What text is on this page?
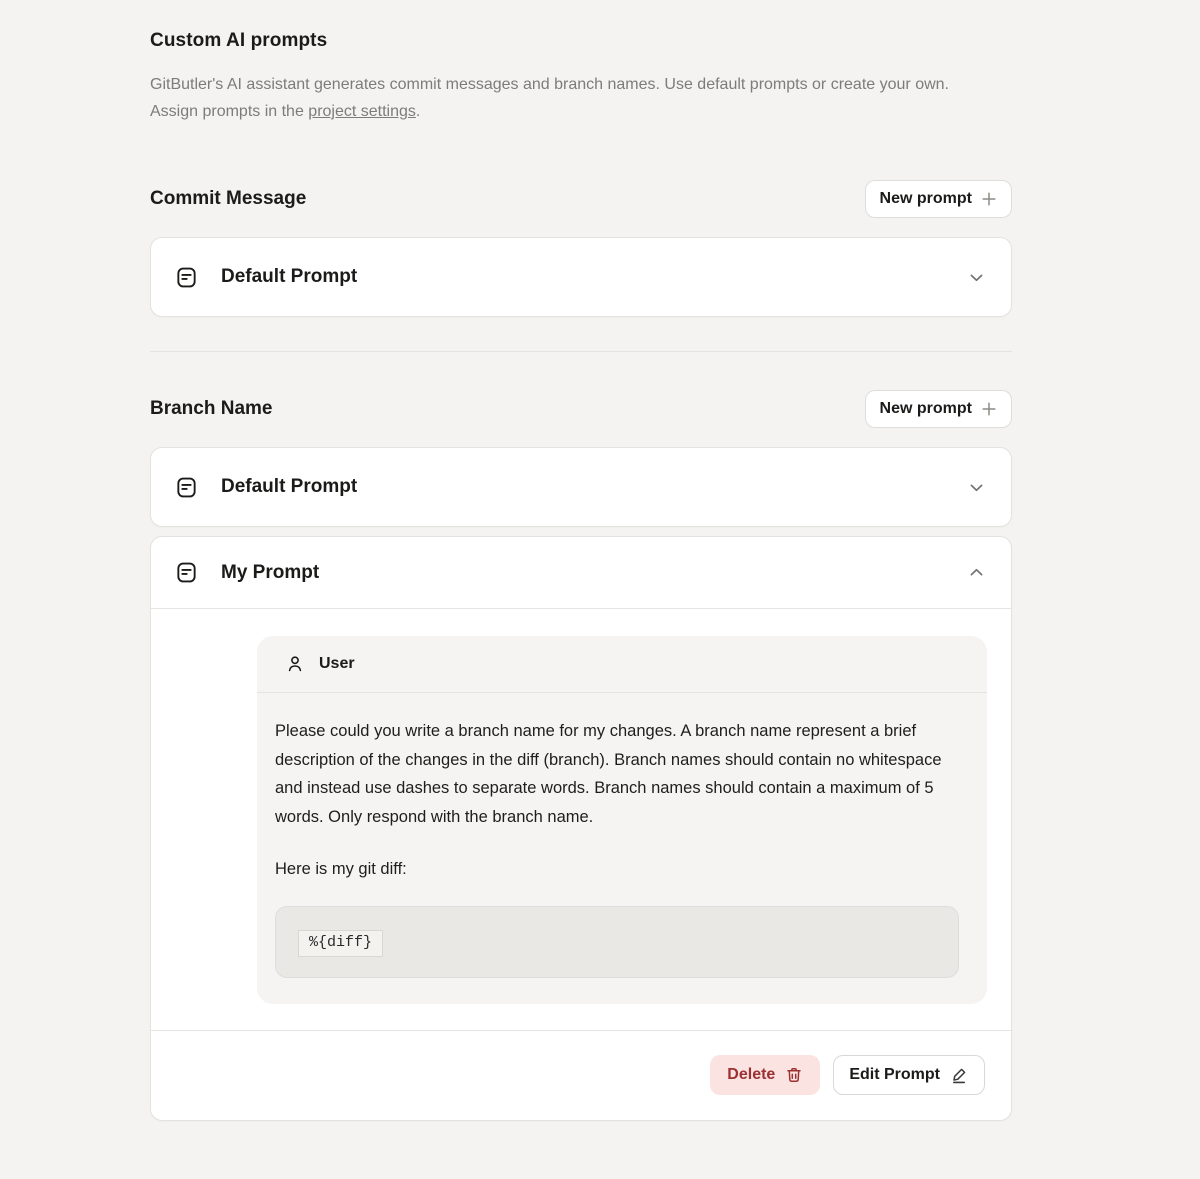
Custom AI prompts

GitButler's AI assistant generates commit messages and branch names. Use default prompts or create your own. Assign prompts in the project settings.

Commit Message	New prompt
Default Prompt
Branch Name	New prompt
Default Prompt
My Prompt
User

Please could you write a branch name for my changes. A branch name represent a brief description of the changes in the diff (branch). Branch names should contain no whitespace and instead use dashes to separate words. Branch names should contain a maximum of 5 words. Only respond with the branch name.

Here is my git diff:

%{diff}
Delete	Edit Prompt
